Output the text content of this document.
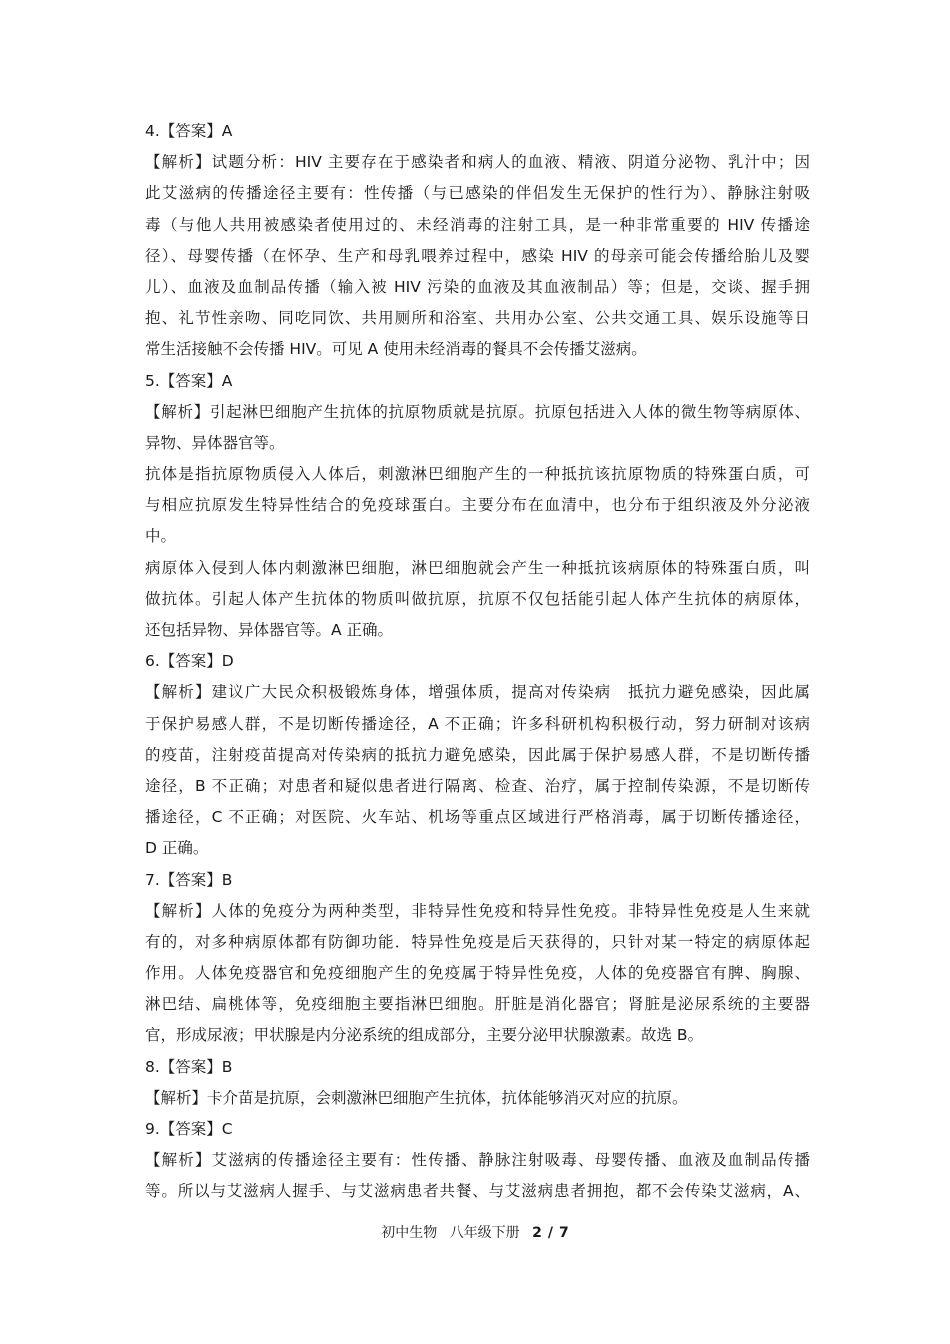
4.【答案】A
【解析】试题分析：HIV 主要存在于感染者和病人的血液、精液、阴道分泌物、乳汁中；因
此艾滋病的传播途径主要有：性传播（与已感染的伴侣发生无保护的性行为）、静脉注射吸
毒（与他人共用被感染者使用过的、未经消毒的注射工具，是一种非常重要的 HIV 传播途
径）、母婴传播（在怀孕、生产和母乳喂养过程中，感染 HIV 的母亲可能会传播给胎儿及婴
儿）、血液及血制品传播（输入被 HIV 污染的血液及其血液制品）等；但是，交谈、握手拥
抱、礼节性亲吻、同吃同饮、共用厕所和浴室、共用办公室、公共交通工具、娱乐设施等日
常生活接触不会传播 HIV。可见 A 使用未经消毒的餐具不会传播艾滋病。
5.【答案】A
【解析】引起淋巴细胞产生抗体的抗原物质就是抗原。抗原包括进入人体的微生物等病原体、
异物、异体器官等。
抗体是指抗原物质侵入人体后，刺激淋巴细胞产生的一种抵抗该抗原物质的特殊蛋白质，可
与相应抗原发生特异性结合的免疫球蛋白。主要分布在血清中，也分布于组织液及外分泌液
中。
病原体入侵到人体内刺激淋巴细胞，淋巴细胞就会产生一种抵抗该病原体的特殊蛋白质，叫
做抗体。引起人体产生抗体的物质叫做抗原，抗原不仅包括能引起人体产生抗体的病原体，
还包括异物、异体器官等。A 正确。
6.【答案】D
【解析】建议广大民众积极锻炼身体，增强体质，提高对传染病　抵抗力避免感染，因此属
于保护易感人群，不是切断传播途径，A 不正确；许多科研机构积极行动，努力研制对该病
的疫苗，注射疫苗提高对传染病的抵抗力避免感染，因此属于保护易感人群，不是切断传播
途径，B 不正确；对患者和疑似患者进行隔离、检查、治疗，属于控制传染源，不是切断传
播途径，C 不正确；对医院、火车站、机场等重点区域进行严格消毒，属于切断传播途径，
D 正确。
7.【答案】B
【解析】人体的免疫分为两种类型，非特异性免疫和特异性免疫。非特异性免疫是人生来就
有的，对多种病原体都有防御功能．特异性免疫是后天获得的，只针对某一特定的病原体起
作用。人体免疫器官和免疫细胞产生的免疫属于特异性免疫，人体的免疫器官有脾、胸腺、
淋巴结、扁桃体等，免疫细胞主要指淋巴细胞。肝脏是消化器官；肾脏是泌尿系统的主要器
官，形成尿液；甲状腺是内分泌系统的组成部分，主要分泌甲状腺激素。故选 B。
8.【答案】B
【解析】卡介苗是抗原，会刺激淋巴细胞产生抗体，抗体能够消灭对应的抗原。
9.【答案】C
【解析】艾滋病的传播途径主要有：性传播、静脉注射吸毒、母婴传播、血液及血制品传播
等。所以与艾滋病人握手、与艾滋病患者共餐、与艾滋病患者拥抱，都不会传染艾滋病，A、
初中生物 八年级下册 2 / 7
